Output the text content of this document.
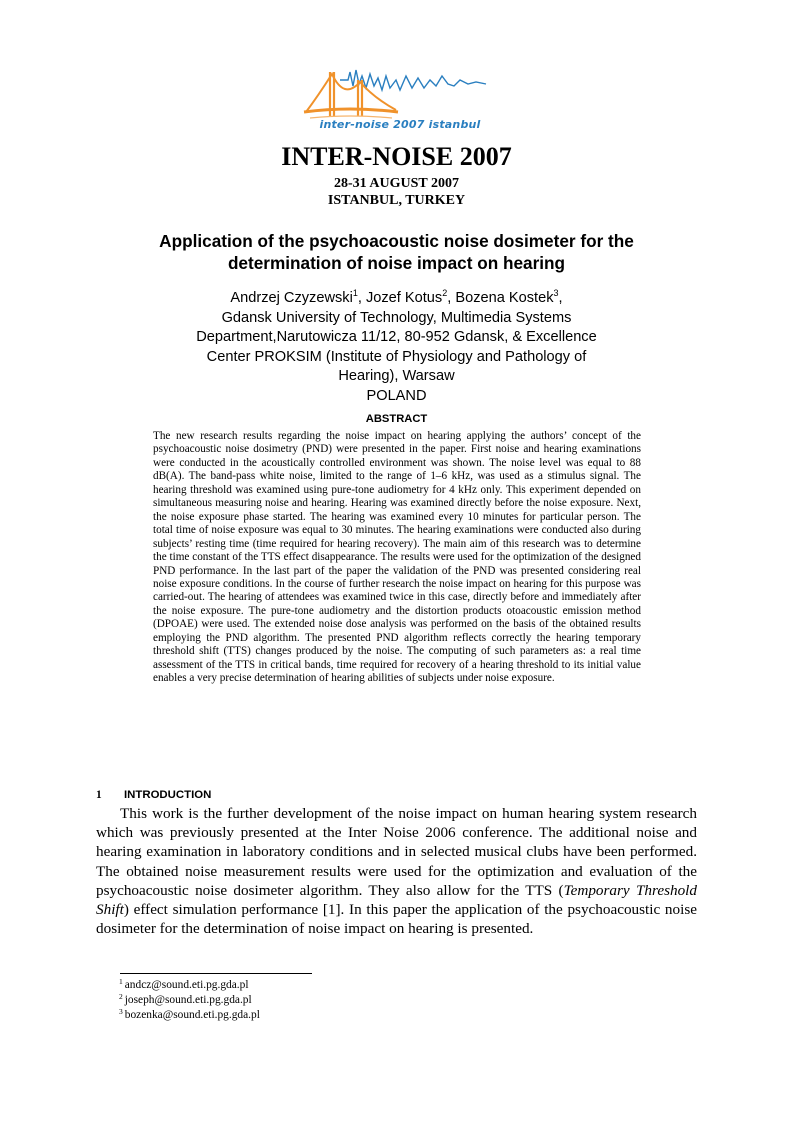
inter-noise 2007 istanbul
INTER-NOISE 2007
28-31 AUGUST 2007
ISTANBUL, TURKEY
Application of the psychoacoustic noise dosimeter for the
determination of noise impact on hearing
Andrzej Czyzewski$^1$, Jozef Kotus$^2$, Bozena Kostek$^3$,
Gdansk University of Technology, Multimedia Systems
Department,Narutowicza 11/12, 80-952 Gdansk, & Excellence
Center PROKSIM (Institute of Physiology and Pathology of
Hearing), Warsaw
POLAND
ABSTRACT

The new research results regarding the noise impact on hearing applying the authors’ concept of the psychoacoustic noise dosimetry (PND) were presented in the paper. First noise and hearing examinations were conducted in the acoustically controlled environment was shown. The noise level was equal to 88 dB(A). The band-pass white noise, limited to the range of 1–6 kHz, was used as a stimulus signal. The hearing threshold was examined using pure-tone audiometry for 4 kHz only. This experiment depended on simultaneous measuring noise and hearing. Hearing was examined directly before the noise exposure. Next, the noise exposure phase started. The hearing was examined every 10 minutes for particular person. The total time of noise exposure was equal to 30 minutes. The hearing examinations were conducted also during subjects’ resting time (time required for hearing recovery). The main aim of this research was to determine the time constant of the TTS effect disappearance. The results were used for the optimization of the designed PND performance. In the last part of the paper the validation of the PND was presented considering real noise exposure conditions. In the course of further research the noise impact on hearing for this purpose was carried-out. The hearing of attendees was examined twice in this case, directly before and immediately after the noise exposure. The pure-tone audiometry and the distortion products otoacoustic emission method (DPOAE) were used. The extended noise dose analysis was performed on the basis of the obtained results employing the PND algorithm. The presented PND algorithm reflects correctly the hearing temporary threshold shift (TTS) changes produced by the noise. The computing of such parameters as: a real time assessment of the TTS in critical bands, time required for recovery of a hearing threshold to its initial value enables a very precise determination of hearing abilities of subjects under noise exposure.

1 INTRODUCTION

This work is the further development of the noise impact on human hearing system research which was previously presented at the Inter Noise 2006 conference. The additional noise and hearing examination in laboratory conditions and in selected musical clubs have been performed. The obtained noise measurement results were used for the optimization and evaluation of the psychoacoustic noise dosimeter algorithm. They also allow for the TTS (Temporary Threshold Shift) effect simulation performance [1]. In this paper the application of the psychoacoustic noise dosimeter for the determination of noise impact on hearing is presented.

$^1$ andcz@sound.eti.pg.gda.pl
$^2$ joseph@sound.eti.pg.gda.pl
$^3$ bozenka@sound.eti.pg.gda.pl
